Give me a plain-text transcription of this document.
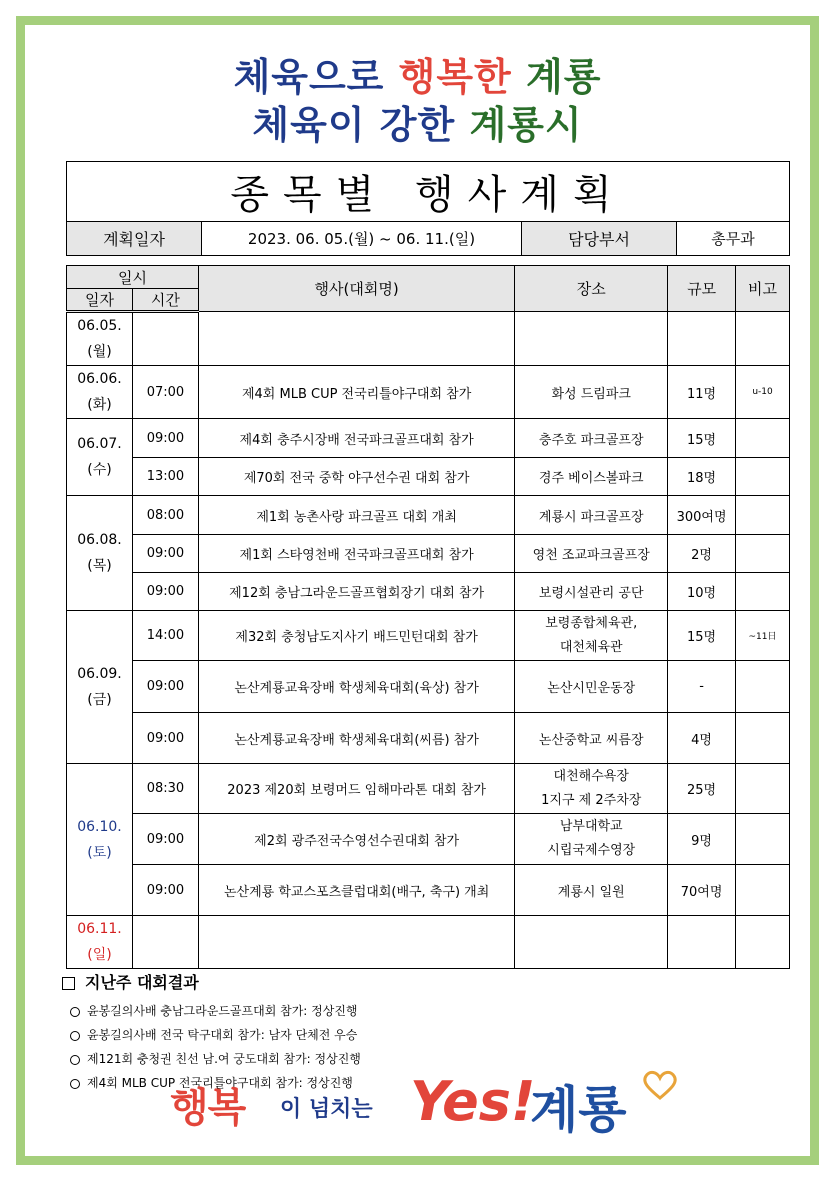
체육으로 행복한 계룡
체육이 강한 계룡시
종목별 행사계획
계획일자	2023. 06. 05.(월) ~ 06. 11.(일)	담당부서	총무과
일시		행사(대회명)	장소	규모	비고
일자	시간				
06.05.
(월)					
06.06.
(화)	07:00	제4회 MLB CUP 전국리틀야구대회 참가	화성 드림파크	11명	u-10
06.07.
(수)	09:00	제4회 충주시장배 전국파크골프대회 참가	충주호 파크골프장	15명	
	13:00	제70회 전국 중학 야구선수권 대회 참가	경주 베이스볼파크	18명	
06.08.
(목)	08:00	제1회 농촌사랑 파크골프 대회 개최	계룡시 파크골프장	300여명	
	09:00	제1회 스타영천배 전국파크골프대회 참가	영천 조교파크골프장	2명	
	09:00	제12회 충남그라운드골프협회장기 대회 참가	보령시설관리 공단	10명	
06.09.
(금)	14:00	제32회 충청남도지사기 배드민턴대회 참가	보령종합체육관,
대천체육관	15명	~11日
	09:00	논산계룡교육장배 학생체육대회(육상) 참가	논산시민운동장	-	
	09:00	논산계룡교육장배 학생체육대회(씨름) 참가	논산중학교 씨름장	4명	
06.10.
(토)	08:30	2023 제20회 보령머드 임해마라톤 대회 참가	대천해수욕장
1지구 제 2주차장	25명	
	09:00	제2회 광주전국수영선수권대회 참가	남부대학교
시립국제수영장	9명	
	09:00	논산계룡 학교스포츠클럽대회(배구, 축구) 개최	계룡시 일원	70여명	
06.11.
(일)					
지난주 대회결과
윤봉길의사배 충남그라운드골프대회 참가: 정상진행
윤봉길의사배 전국 탁구대회 참가: 남자 단체전 우승
제121회 충청권 친선 남.여 궁도대회 참가: 정상진행
제4회 MLB CUP 전국리틀야구대회 참가: 정상진행
행복 이 넘치는 Yes!
계룡
